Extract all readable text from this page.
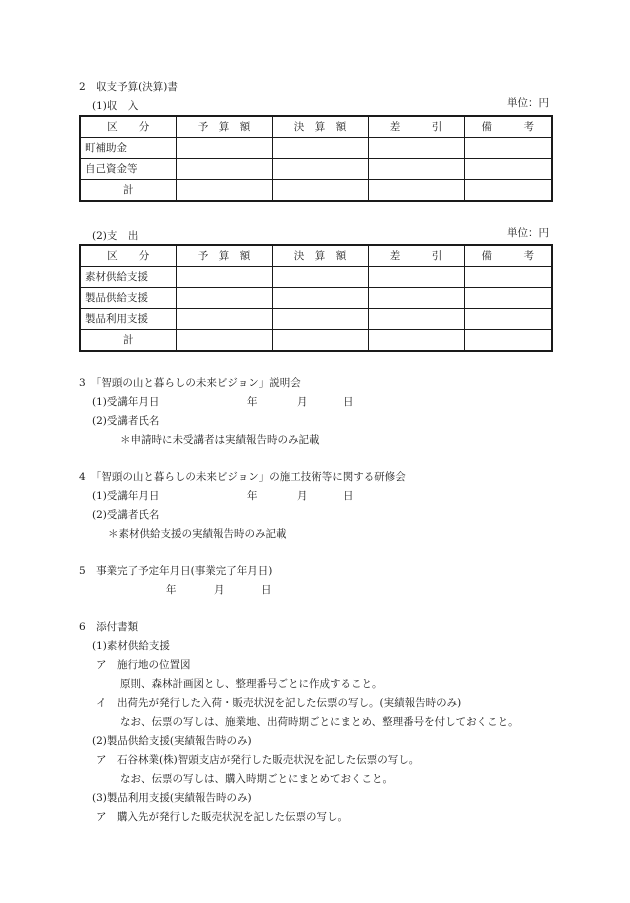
2　収支予算(決算)書
(1)収　入	単位：円
区　　分	予　算　額	決　算　額	差　　　引	備　　　考
町補助金				
自己資金等				
計				
(2)支　出	単位：円
区　　分	予　算　額	決　算　額	差　　　引	備　　　考
素材供給支援				
製品供給支援				
製品利用支援				
計				
3　「智頭の山と暮らしの未来ビジョン」説明会
(1)受講年月日	年	月	日
(2)受講者氏名
＊申請時に未受講者は実績報告時のみ記載
4　「智頭の山と暮らしの未来ビジョン」の施工技術等に関する研修会
(1)受講年月日	年	月	日
(2)受講者氏名
＊素材供給支援の実績報告時のみ記載
5　事業完了予定年月日(事業完了年月日)
年	月	日
6　添付書類
(1)素材供給支援
ア　施行地の位置図
原則、森林計画図とし、整理番号ごとに作成すること。
イ　出荷先が発行した入荷・販売状況を記した伝票の写し。(実績報告時のみ)
なお、伝票の写しは、施業地、出荷時期ごとにまとめ、整理番号を付しておくこと。
(2)製品供給支援(実績報告時のみ)
ア　石谷林業(株)智頭支店が発行した販売状況を記した伝票の写し。
なお、伝票の写しは、購入時期ごとにまとめておくこと。
(3)製品利用支援(実績報告時のみ)
ア　購入先が発行した販売状況を記した伝票の写し。
